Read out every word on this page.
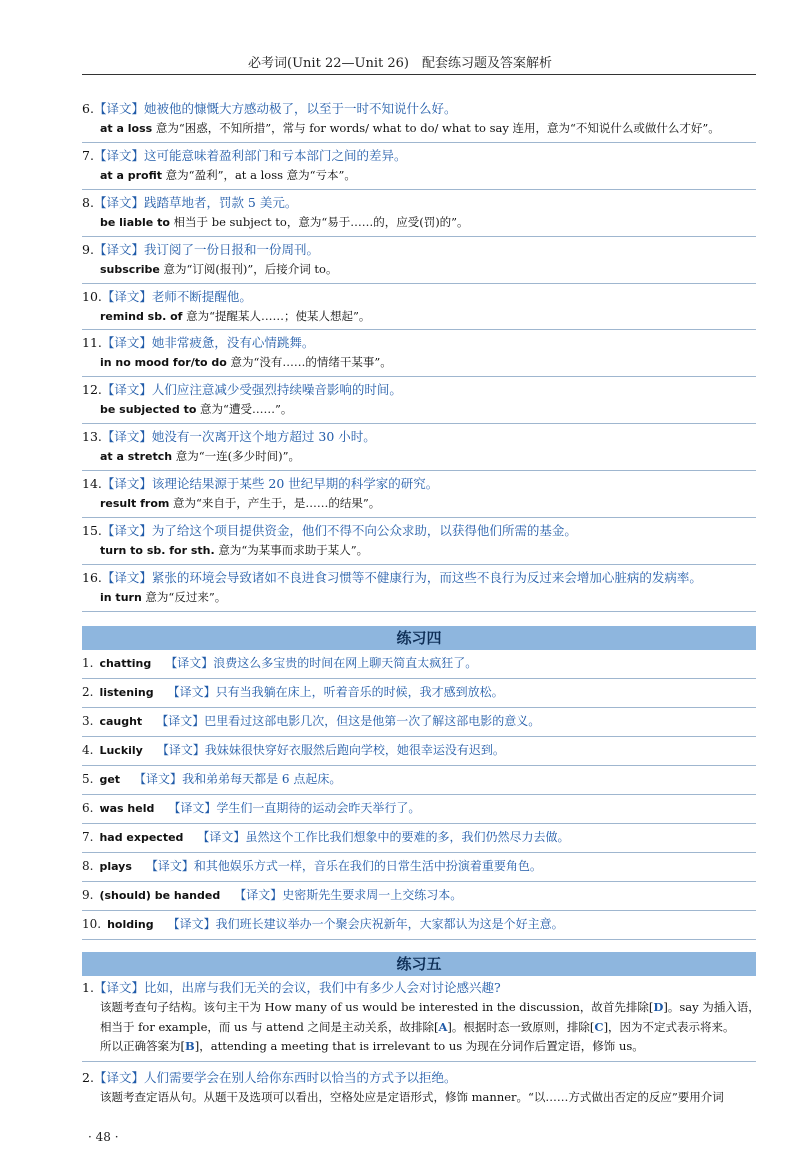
必考词(Unit 22—Unit 26)　配套练习题及答案解析
6.【译文】她被他的慷慨大方感动极了，以至于一时不知说什么好。
at a loss 意为“困惑，不知所措”，常与 for words/ what to do/ what to say 连用，意为“不知说什么或做什么才好”。
7.【译文】这可能意味着盈利部门和亏本部门之间的差异。
at a profit 意为“盈利”，at a loss 意为“亏本”。
8.【译文】践踏草地者，罚款 5 美元。
be liable to 相当于 be subject to，意为“易于……的，应受(罚)的”。
9.【译文】我订阅了一份日报和一份周刊。
subscribe 意为“订阅(报刊)”，后接介词 to。
10.【译文】老师不断提醒他。
remind sb. of 意为“提醒某人……；使某人想起”。
11.【译文】她非常疲惫，没有心情跳舞。
in no mood for/to do 意为“没有……的情绪干某事”。
12.【译文】人们应注意减少受强烈持续噪音影响的时间。
be subjected to 意为“遭受……”。
13.【译文】她没有一次离开这个地方超过 30 小时。
at a stretch 意为“一连(多少时间)”。
14.【译文】该理论结果源于某些 20 世纪早期的科学家的研究。
result from 意为“来自于，产生于，是……的结果”。
15.【译文】为了给这个项目提供资金，他们不得不向公众求助，以获得他们所需的基金。
turn to sb. for sth. 意为“为某事而求助于某人”。
16.【译文】紧张的环境会导致诸如不良进食习惯等不健康行为，而这些不良行为反过来会增加心脏病的发病率。
in turn 意为“反过来”。
练习四
1. chatting 【译文】浪费这么多宝贵的时间在网上聊天简直太疯狂了。
2. listening 【译文】只有当我躺在床上，听着音乐的时候，我才感到放松。
3. caught 【译文】巴里看过这部电影几次，但这是他第一次了解这部电影的意义。
4. Luckily 【译文】我妹妹很快穿好衣服然后跑向学校，她很幸运没有迟到。
5. get 【译文】我和弟弟每天都是 6 点起床。
6. was held 【译文】学生们一直期待的运动会昨天举行了。
7. had expected 【译文】虽然这个工作比我们想象中的要难的多，我们仍然尽力去做。
8. plays 【译文】和其他娱乐方式一样，音乐在我们的日常生活中扮演着重要角色。
9. (should) be handed 【译文】史密斯先生要求周一上交练习本。
10. holding 【译文】我们班长建议举办一个聚会庆祝新年，大家都认为这是个好主意。
练习五
1.【译文】比如，出席与我们无关的会议，我们中有多少人会对讨论感兴趣?
该题考查句子结构。该句主干为 How many of us would be interested in the discussion，故首先排除[D]。say 为插入语，
相当于 for example，而 us 与 attend 之间是主动关系，故排除[A]。根据时态一致原则，排除[C]，因为不定式表示将来。
所以正确答案为[B]，attending a meeting that is irrelevant to us 为现在分词作后置定语，修饰 us。
2.【译文】人们需要学会在别人给你东西时以恰当的方式予以拒绝。
该题考查定语从句。从题干及选项可以看出，空格处应是定语形式，修饰 manner。“以……方式做出否定的反应”要用介词
· 48 ·
